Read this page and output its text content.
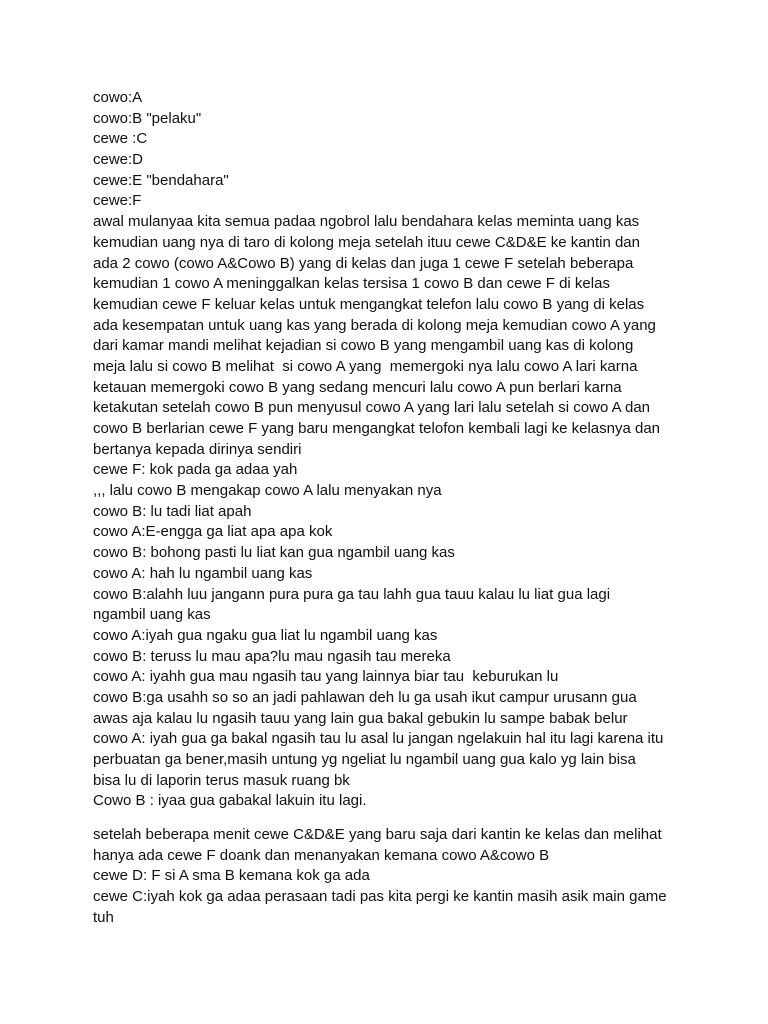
cowo:A
cowo:B "pelaku"
cewe :C
cewe:D
cewe:E "bendahara"
cewe:F
awal mulanyaa kita semua padaa ngobrol lalu bendahara kelas meminta uang kas
kemudian uang nya di taro di kolong meja setelah ituu cewe C&D&E ke kantin dan
ada 2 cowo (cowo A&Cowo B) yang di kelas dan juga 1 cewe F setelah beberapa
kemudian 1 cowo A meninggalkan kelas tersisa 1 cowo B dan cewe F di kelas
kemudian cewe F keluar kelas untuk mengangkat telefon lalu cowo B yang di kelas
ada kesempatan untuk uang kas yang berada di kolong meja kemudian cowo A yang
dari kamar mandi melihat kejadian si cowo B yang mengambil uang kas di kolong
meja lalu si cowo B melihat  si cowo A yang  memergoki nya lalu cowo A lari karna
ketauan memergoki cowo B yang sedang mencuri lalu cowo A pun berlari karna
ketakutan setelah cowo B pun menyusul cowo A yang lari lalu setelah si cowo A dan
cowo B berlarian cewe F yang baru mengangkat telofon kembali lagi ke kelasnya dan
bertanya kepada dirinya sendiri
cewe F: kok pada ga adaa yah
,,, lalu cowo B mengakap cowo A lalu menyakan nya
cowo B: lu tadi liat apah
cowo A:E-engga ga liat apa apa kok
cowo B: bohong pasti lu liat kan gua ngambil uang kas
cowo A: hah lu ngambil uang kas
cowo B:alahh luu jangann pura pura ga tau lahh gua tauu kalau lu liat gua lagi
ngambil uang kas
cowo A:iyah gua ngaku gua liat lu ngambil uang kas
cowo B: teruss lu mau apa?lu mau ngasih tau mereka
cowo A: iyahh gua mau ngasih tau yang lainnya biar tau  keburukan lu
cowo B:ga usahh so so an jadi pahlawan deh lu ga usah ikut campur urusann gua
awas aja kalau lu ngasih tauu yang lain gua bakal gebukin lu sampe babak belur
cowo A: iyah gua ga bakal ngasih tau lu asal lu jangan ngelakuin hal itu lagi karena itu
perbuatan ga bener,masih untung yg ngeliat lu ngambil uang gua kalo yg lain bisa
bisa lu di laporin terus masuk ruang bk
Cowo B : iyaa gua gabakal lakuin itu lagi.
setelah beberapa menit cewe C&D&E yang baru saja dari kantin ke kelas dan melihat
hanya ada cewe F doank dan menanyakan kemana cowo A&cowo B
cewe D: F si A sma B kemana kok ga ada
cewe C:iyah kok ga adaa perasaan tadi pas kita pergi ke kantin masih asik main game
tuh
